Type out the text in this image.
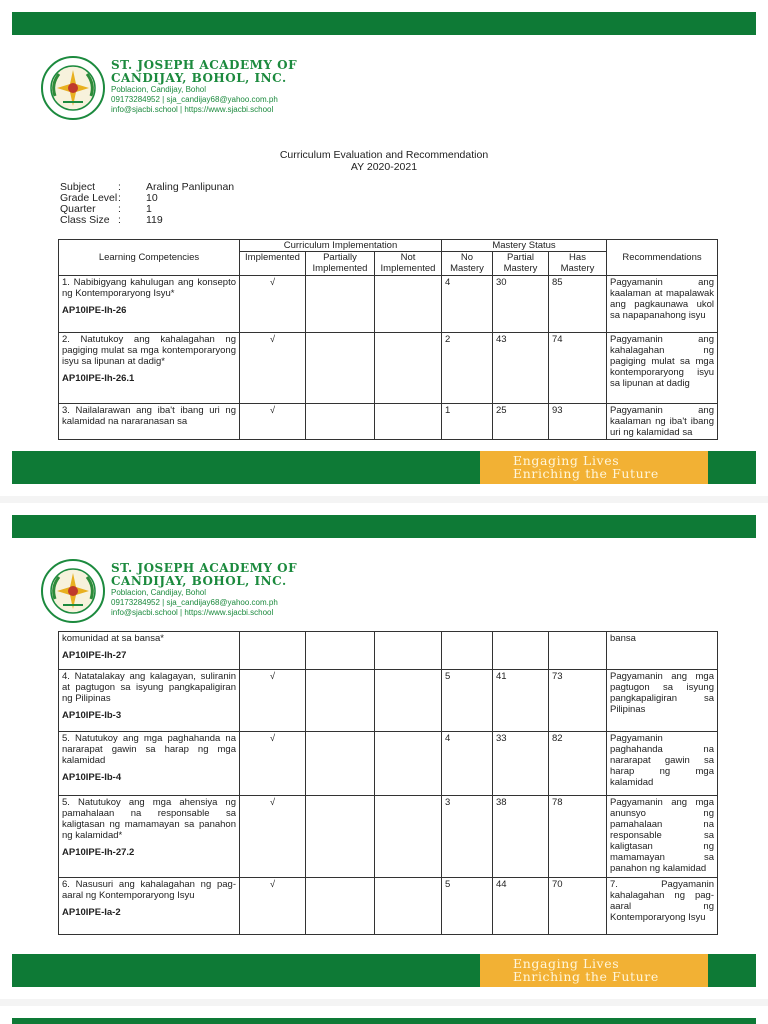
ST. JOSEPH ACADEMY OF
CANDIJAY, BOHOL, INC.
Poblacion, Candijay, Bohol
09173284952 | sja_candijay68@yahoo.com.ph
info@sjacbi.school | https://www.sjacbi.school
Curriculum Evaluation and Recommendation
AY 2020-2021
Subject	:	Araling Panlipunan
Grade Level :	10
Quarter	:	1
Class Size :	119
Learning Competencies	Curriculum Implementation			Mastery Status			Recommendations
	Implemented	Partially Implemented	Not Implemented	No Mastery	Partial Mastery	Has Mastery	

1. Nabibigyang kahulugan ang konsepto ng Kontemporaryong Isyu*
AP10IPE-Ih-26	√			4	30	85	Pagyamanin ang kaalaman at mapalawak ang pagkaunawa ukol sa napapanahong isyu

2. Natutukoy ang kahalagahan ng pagiging mulat sa mga kontemporaryong isyu sa lipunan at dadig*
AP10IPE-Ih-26.1	√			2	43	74	Pagyamanin ang kahalagahan ng pagiging mulat sa mga kontemporaryong isyu sa lipunan at dadig

3. Nailalarawan ang iba't ibang uri ng kalamidad na nararanasan sa	√			1	25	93	Pagyamanin ang kaalaman ng iba't ibang uri ng kalamidad sa
Engaging Lives
Enriching the Future
ST. JOSEPH ACADEMY OF
CANDIJAY, BOHOL, INC.
Poblacion, Candijay, Bohol
09173284952 | sja_candijay68@yahoo.com.ph
info@sjacbi.school | https://www.sjacbi.school
komunidad at sa bansa*
AP10IPE-Ih-27							bansa

4. Natatalakay ang kalagayan, suliranin at pagtugon sa isyung pangkapaligiran ng Pilipinas
AP10IPE-Ib-3	√			5	41	73	Pagyamanin ang mga pagtugon sa isyung pangkapaligiran sa Pilipinas

5. Natutukoy ang mga paghahanda na nararapat gawin sa harap ng mga kalamidad
AP10IPE-Ib-4	√			4	33	82	Pagyamanin paghahanda na nararapat gawin sa harap ng mga kalamidad

5. Natutukoy ang mga ahensiya ng pamahalaan na responsable sa kaligtasan ng mamamayan sa panahon ng kalamidad*
AP10IPE-Ih-27.2	√			3	38	78	Pagyamanin ang mga anunsyo ng pamahalaan na responsable sa kaligtasan ng mamamayan sa panahon ng kalamidad

6. Nasusuri ang kahalagahan ng pag-aaral ng Kontemporaryong Isyu
AP10IPE-Ia-2	√			5	44	70	7. Pagyamanin kahalagahan ng pag-aaral ng Kontemporaryong Isyu
Engaging Lives
Enriching the Future
